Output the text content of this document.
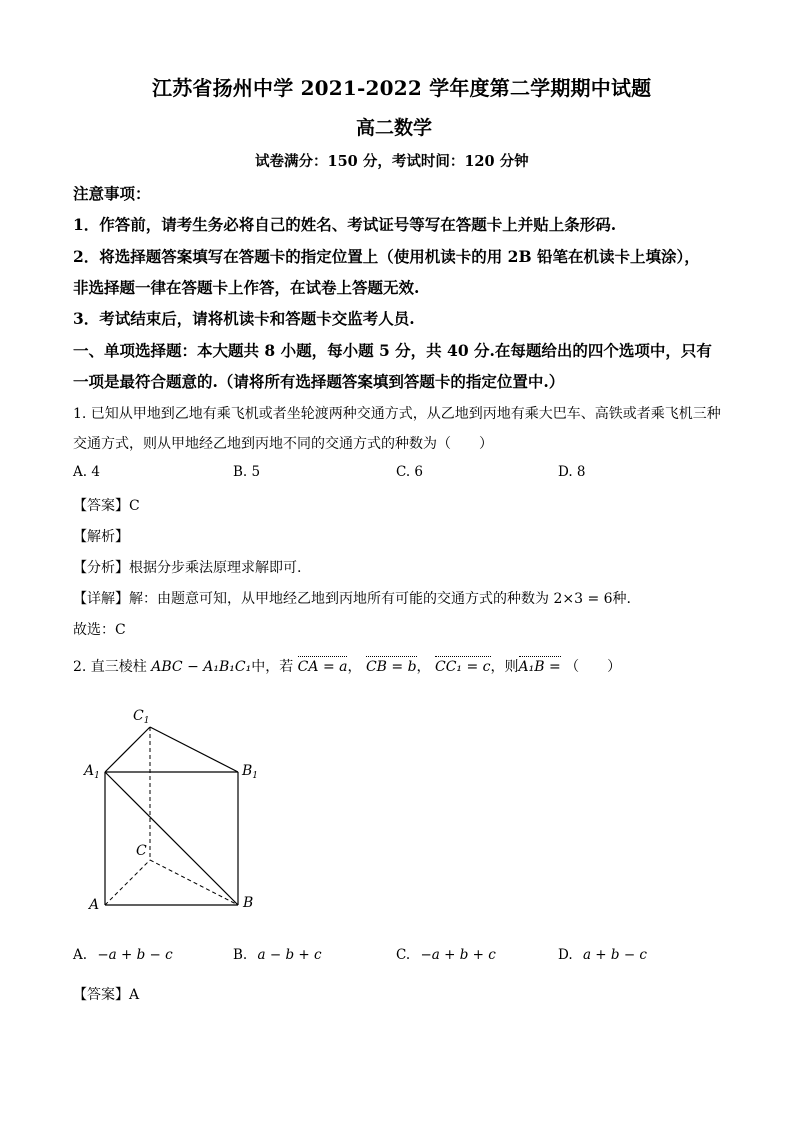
江苏省扬州中学 2021-2022 学年度第二学期期中试题
高二数学
试卷满分：150 分，考试时间：120 分钟
注意事项：
1．作答前，请考生务必将自己的姓名、考试证号等写在答题卡上并贴上条形码.
2．将选择题答案填写在答题卡的指定位置上（使用机读卡的用 2B 铅笔在机读卡上填涂），
非选择题一律在答题卡上作答，在试卷上答题无效.
3．考试结束后，请将机读卡和答题卡交监考人员.
一、单项选择题：本大题共 8 小题，每小题 5 分，共 40 分.在每题给出的四个选项中，只有
一项是最符合题意的.（请将所有选择题答案填到答题卡的指定位置中.）
1. 已知从甲地到乙地有乘飞机或者坐轮渡两种交通方式，从乙地到丙地有乘大巴车、高铁或者乘飞机三种
交通方式，则从甲地经乙地到丙地不同的交通方式的种数为（　　）
A. 4	B. 5	C. 6	D. 8
【答案】C
【解析】
【分析】根据分步乘法原理求解即可.
【详解】解：由题意可知，从甲地经乙地到丙地所有可能的交通方式的种数为 2×3 = 6种.
故选：C
2. 直三棱柱 ABC − A₁B₁C₁中，若 CA = a， CB = b， CC₁ = c，则A₁B = （　　）
$C_1$
$A_1$	$B_1$
C
A	B
A. −a + b − c	B. a − b + c	C. −a + b + c	D. a + b − c
【答案】A
